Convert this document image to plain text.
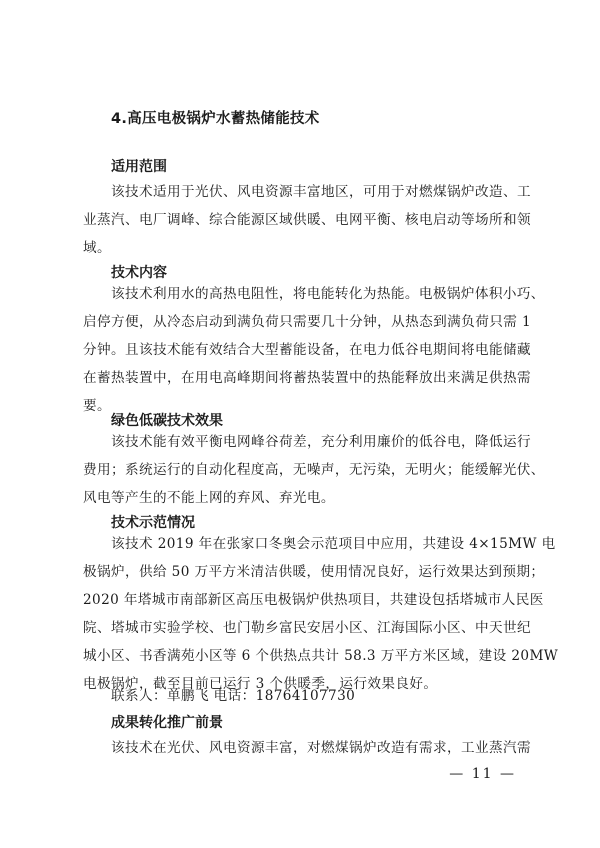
4.高压电极锅炉水蓄热储能技术
适用范围
该技术适用于光伏、风电资源丰富地区，可用于对燃煤锅炉改造、工
业蒸汽、电厂调峰、综合能源区域供暖、电网平衡、核电启动等场所和领
域。
技术内容
该技术利用水的高热电阻性，将电能转化为热能。电极锅炉体积小巧、
启停方便，从冷态启动到满负荷只需要几十分钟，从热态到满负荷只需 1
分钟。且该技术能有效结合大型蓄能设备，在电力低谷电期间将电能储藏
在蓄热装置中，在用电高峰期间将蓄热装置中的热能释放出来满足供热需
要。
绿色低碳技术效果
该技术能有效平衡电网峰谷荷差，充分利用廉价的低谷电，降低运行
费用；系统运行的自动化程度高，无噪声，无污染，无明火；能缓解光伏、
风电等产生的不能上网的弃风、弃光电。
技术示范情况
该技术 2019 年在张家口冬奥会示范项目中应用，共建设 4×15MW 电
极锅炉，供给 50 万平方米清洁供暖，使用情况良好，运行效果达到预期；
2020 年塔城市南部新区高压电极锅炉供热项目，共建设包括塔城市人民医
院、塔城市实验学校、也门勒乡富民安居小区、江海国际小区、中天世纪
城小区、书香满苑小区等 6 个供热点共计 58.3 万平方米区域，建设 20MW
电极锅炉，截至目前已运行 3 个供暖季，运行效果良好。
联系人：单鹏飞 电话：18764107730
成果转化推广前景
该技术在光伏、风电资源丰富，对燃煤锅炉改造有需求，工业蒸汽需
— 11 —
